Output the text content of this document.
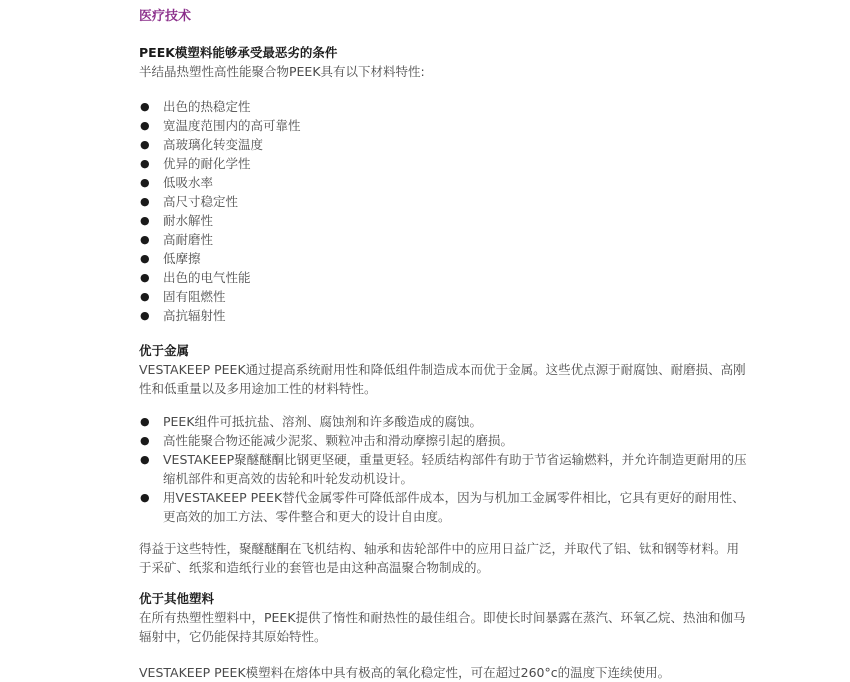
医疗技术
PEEK模塑料能够承受最恶劣的条件

半结晶热塑性高性能聚合物PEEK具有以下材料特性:

● 出色的热稳定性
● 宽温度范围内的高可靠性
● 高玻璃化转变温度
● 优异的耐化学性
● 低吸水率
● 高尺寸稳定性
● 耐水解性
● 高耐磨性
● 低摩擦
● 出色的电气性能
● 固有阻燃性
● 高抗辐射性
优于金属

VESTAKEEP PEEK通过提高系统耐用性和降低组件制造成本而优于金属。这些优点源于耐腐蚀、耐磨损、高刚性和低重量以及多用途加工性的材料特性。

● PEEK组件可抵抗盐、溶剂、腐蚀剂和许多酸造成的腐蚀。
● 高性能聚合物还能减少泥浆、颗粒冲击和滑动摩擦引起的磨损。
● VESTAKEEP聚醚醚酮比钢更坚硬，重量更轻。轻质结构部件有助于节省运输燃料，并允许制造更耐用的压缩机部件和更高效的齿轮和叶轮发动机设计。
● 用VESTAKEEP PEEK替代金属零件可降低部件成本，因为与机加工金属零件相比，它具有更好的耐用性、更高效的加工方法、零件整合和更大的设计自由度。

得益于这些特性，聚醚醚酮在飞机结构、轴承和齿轮部件中的应用日益广泛，并取代了铝、钛和钢等材料。用于采矿、纸浆和造纸行业的套管也是由这种高温聚合物制成的。

优于其他塑料

在所有热塑性塑料中，PEEK提供了惰性和耐热性的最佳组合。即使长时间暴露在蒸汽、环氧乙烷、热油和伽马辐射中，它仍能保持其原始特性。

VESTAKEEP PEEK模塑料在熔体中具有极高的氧化稳定性，可在超过260°c的温度下连续使用。
